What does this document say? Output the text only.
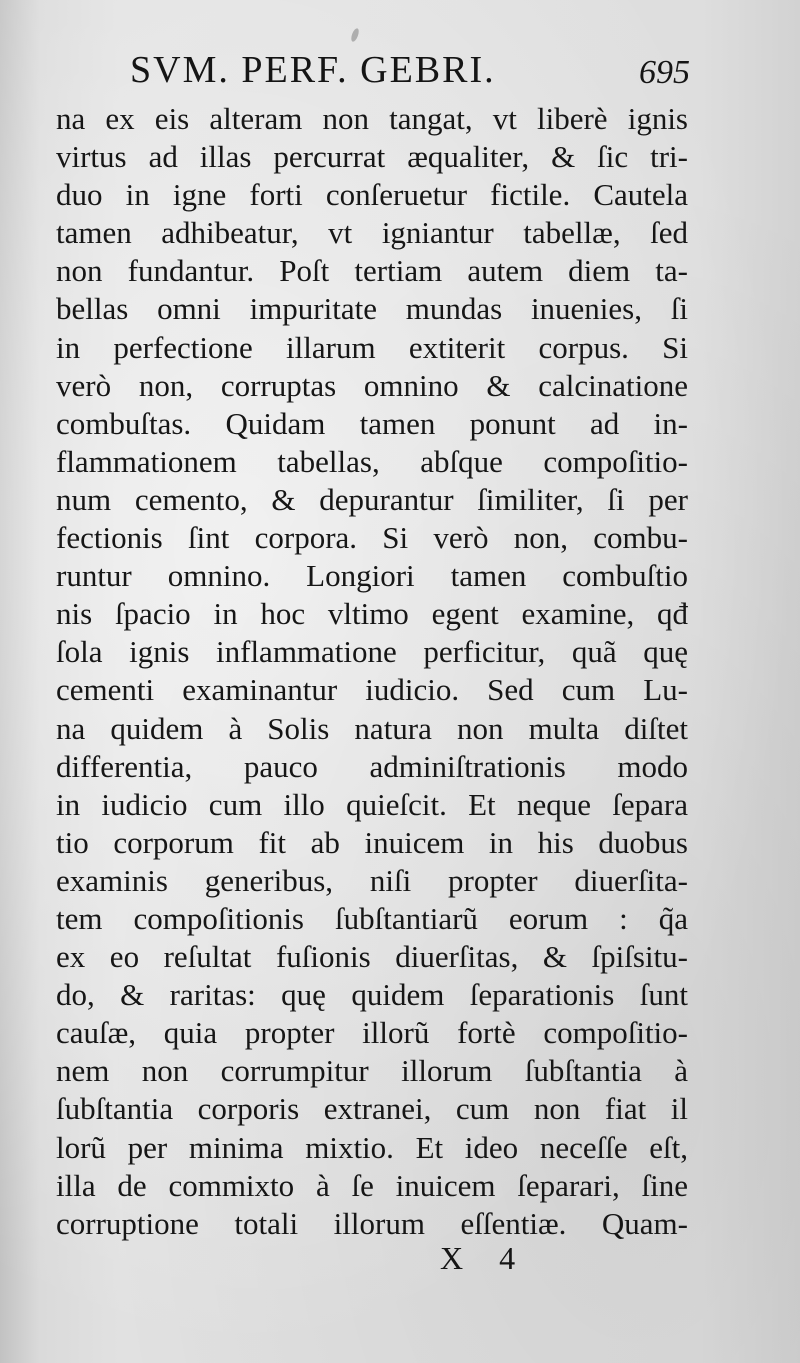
SVM. PERF. GEBRI.	695
na ex eis alteram non tangat, vt liberè ignis
virtus ad illas percurrat æqualiter, & ſic tri-
duo in igne forti conſeruetur fictile. Cautela
tamen adhibeatur, vt igniantur tabellæ, ſed
non fundantur. Poſt tertiam autem diem ta-
bellas omni impuritate mundas inuenies, ſi
in perfectione illarum extiterit corpus. Si
verò non, corruptas omnino & calcinatione
combuſtas. Quidam tamen ponunt ad in-
flammationem tabellas, abſque compoſitio-
num cemento, & depurantur ſimiliter, ſi per
fectionis ſint corpora. Si verò non, combu-
runtur omnino. Longiori tamen combuſtio
nis ſpacio in hoc vltimo egent examine, qđ
ſola ignis inflammatione perficitur, quã quę
cementi examinantur iudicio. Sed cum Lu-
na quidem à Solis natura non multa diſtet
differentia, pauco adminiſtrationis modo
in iudicio cum illo quieſcit. Et neque ſepara
tio corporum fit ab inuicem in his duobus
examinis generibus, niſi propter diuerſita-
tem compoſitionis ſubſtantiarũ eorum : q̃a
ex eo reſultat fuſionis diuerſitas, & ſpiſsitu-
do, & raritas: quę quidem ſeparationis ſunt
cauſæ, quia propter illorũ fortè compoſitio-
nem non corrumpitur illorum ſubſtantia à
ſubſtantia corporis extranei, cum non fiat il
lorũ per minima mixtio. Et ideo neceſſe eſt,
illa de commixto à ſe inuicem ſeparari, ſine
corruptione totali illorum eſſentiæ. Quam-
X 4
